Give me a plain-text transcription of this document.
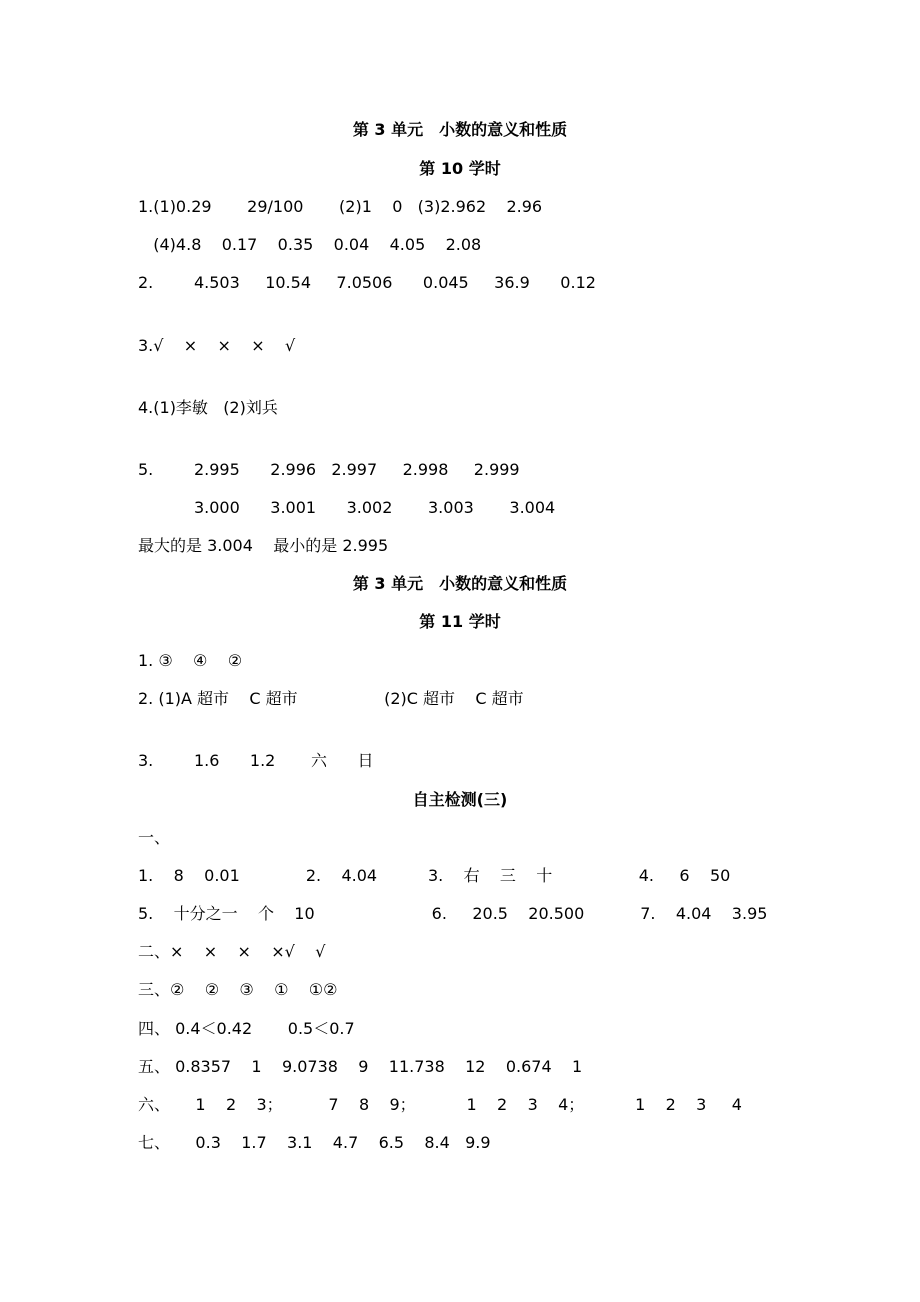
第 3 单元　小数的意义和性质
第 10 学时
1.(1)0.29       29/100       (2)1    0   (3)2.962    2.96
(4)4.8    0.17    0.35    0.04    4.05    2.08
2.        4.503     10.54     7.0506      0.045     36.9      0.12
3.√    ×    ×    ×    √
4.(1)李敏   (2)刘兵
5.        2.995      2.996   2.997     2.998     2.999
3.000      3.001      3.002       3.003       3.004
最大的是 3.004    最小的是 2.995
第 3 单元　小数的意义和性质
第 11 学时
1. ③    ④    ②
2. (1)A 超市    C 超市                 (2)C 超市    C 超市
3.        1.6      1.2       六      日
自主检测(三)
一、
1.    8    0.01             2.    4.04          3.    右    三    十                 4.     6    50
5.    十分之一    个    10                       6.     20.5    20.500           7.    4.04    3.95
二、×    ×    ×    ×√    √
三、②    ②    ③    ①    ①②
四、 0.4＜0.42       0.5＜0.7
五、 0.8357    1    9.0738    9    11.738    12    0.674    1
六、     1    2    3；         7    8    9；          1    2    3    4；          1    2    3     4
七、     0.3    1.7    3.1    4.7    6.5    8.4   9.9
